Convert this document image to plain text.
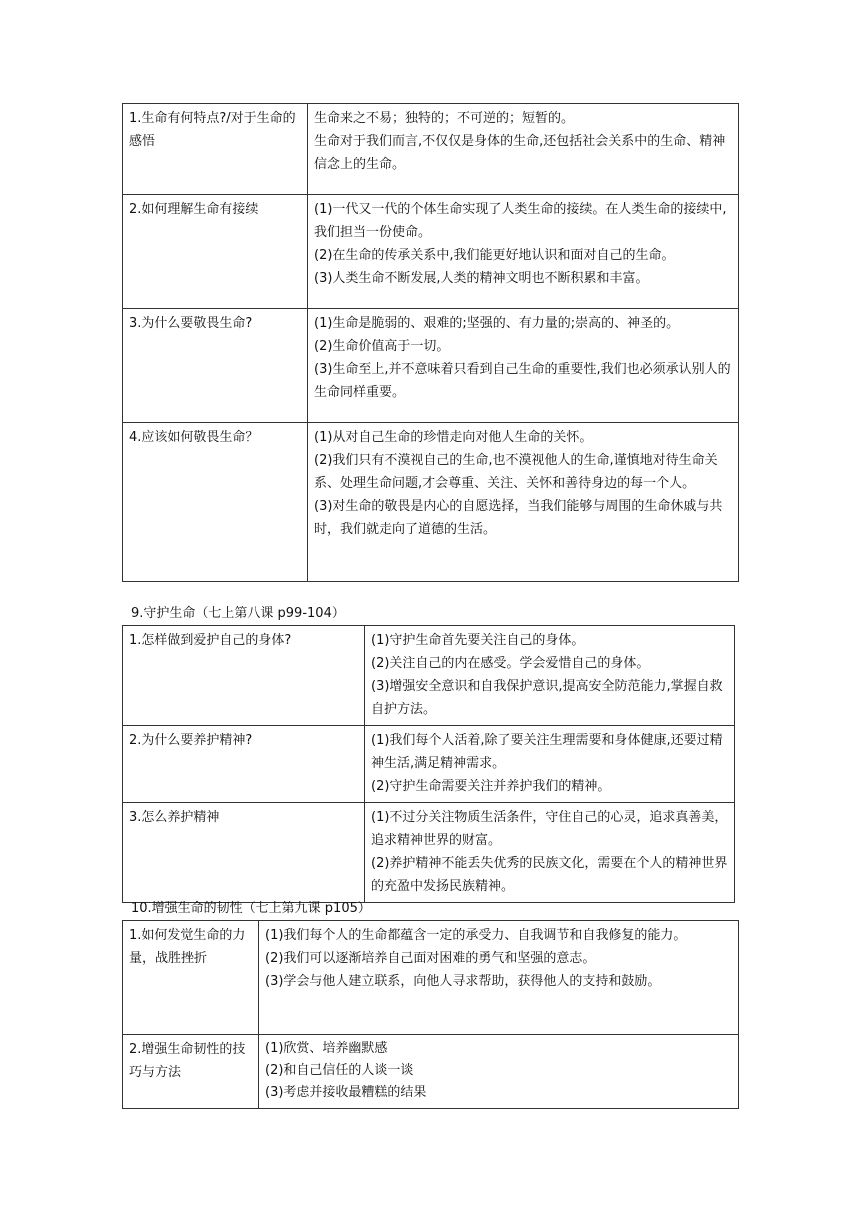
1.生命有何特点?/对于生命的感悟	生命来之不易；独特的；不可逆的；短暂的。
生命对于我们而言,不仅仅是身体的生命,还包括社会关系中的生命、精神信念上的生命。

2.如何理解生命有接续	(1)一代又一代的个体生命实现了人类生命的接续。在人类生命的接续中,我们担当一份使命。
(2)在生命的传承关系中,我们能更好地认识和面对自己的生命。
(3)人类生命不断发展,人类的精神文明也不断积累和丰富。

3.为什么要敬畏生命?	(1)生命是脆弱的、艰难的;坚强的、有力量的;崇高的、神圣的。
(2)生命价值高于一切。
(3)生命至上,并不意味着只看到自己生命的重要性,我们也必须承认别人的生命同样重要。

4.应该如何敬畏生命？	(1)从对自己生命的珍惜走向对他人生命的关怀。
(2)我们只有不漠视自己的生命,也不漠视他人的生命,谨慎地对待生命关系、处理生命问题,才会尊重、关注、关怀和善待身边的每一个人。
(3)对生命的敬畏是内心的自愿选择，当我们能够与周围的生命休戚与共时，我们就走向了道德的生活。
9.守护生命（七上第八课 p99-104）
1.怎样做到爱护自己的身体?	(1)守护生命首先要关注自己的身体。
(2)关注自己的内在感受。学会爱惜自己的身体。
(3)增强安全意识和自我保护意识,提高安全防范能力,掌握自救自护方法。

2.为什么要养护精神?	(1)我们每个人活着,除了要关注生理需要和身体健康,还要过精神生活,满足精神需求。
(2)守护生命需要关注并养护我们的精神。

3.怎么养护精神	(1)不过分关注物质生活条件，守住自己的心灵，追求真善美，追求精神世界的财富。
(2)养护精神不能丢失优秀的民族文化，需要在个人的精神世界的充盈中发扬民族精神。
10.增强生命的韧性（七上第九课 p105）
1.如何发觉生命的力量，战胜挫折	(1)我们每个人的生命都蕴含一定的承受力、自我调节和自我修复的能力。
(2)我们可以逐渐培养自己面对困难的勇气和坚强的意志。
(3)学会与他人建立联系，向他人寻求帮助，获得他人的支持和鼓励。

2.增强生命韧性的技巧与方法	(1)欣赏、培养幽默感
(2)和自己信任的人谈一谈
(3)考虑并接收最糟糕的结果
